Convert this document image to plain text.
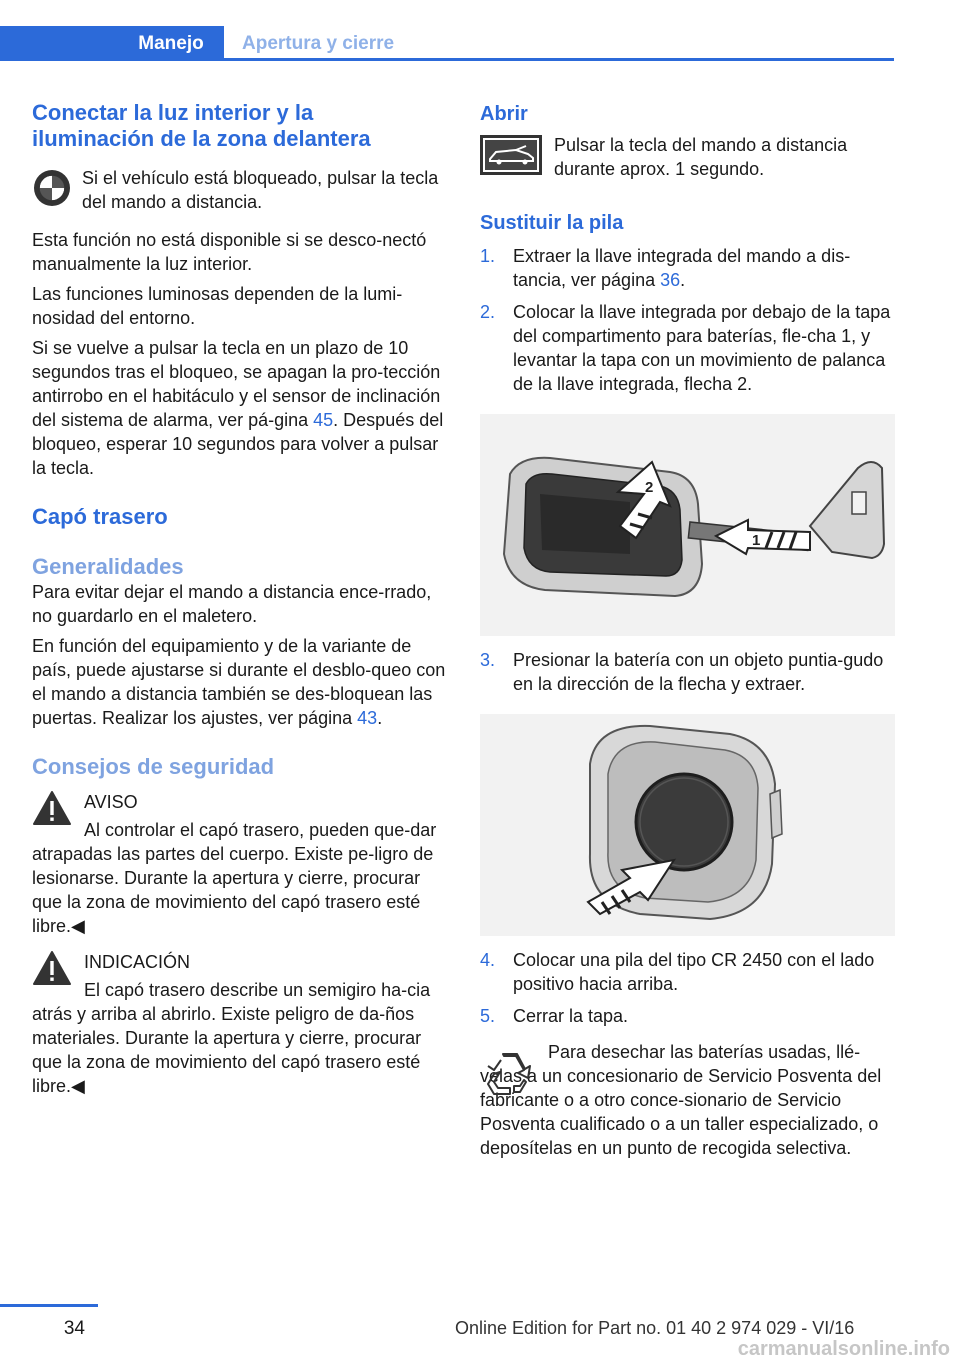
Manejo	Apertura y cierre
Conectar la luz interior y la iluminación de la zona delantera
Si el vehículo está bloqueado, pulsar la tecla del mando a distancia.

Esta función no está disponible si se desco‐nectó manualmente la luz interior.

Las funciones luminosas dependen de la lumi‐nosidad del entorno.

Si se vuelve a pulsar la tecla en un plazo de 10 segundos tras el bloqueo, se apagan la pro‐tección antirrobo en el habitáculo y el sensor de inclinación del sistema de alarma, ver pá‐gina 45. Después del bloqueo, esperar 10 segundos para volver a pulsar la tecla.

Capó trasero
Generalidades

Para evitar dejar el mando a distancia ence‐rrado, no guardarlo en el maletero.

En función del equipamiento y de la variante de país, puede ajustarse si durante el desblo‐queo con el mando a distancia también se des‐bloquean las puertas. Realizar los ajustes, ver página 43.

Consejos de seguridad
AVISO
Al controlar el capó trasero, pueden que‐dar atrapadas las partes del cuerpo. Existe pe‐ligro de lesionarse. Durante la apertura y cierre, procurar que la zona de movimiento del capó trasero esté libre.◀
INDICACIÓN
El capó trasero describe un semigiro ha‐cia atrás y arriba al abrirlo. Existe peligro de da‐ños materiales. Durante la apertura y cierre, procurar que la zona de movimiento del capó trasero esté libre.◀
Abrir
Pulsar la tecla del mando a distancia durante aprox. 1 segundo.
Sustituir la pila
1. Extraer la llave integrada del mando a dis‐tancia, ver página 36.
2. Colocar la llave integrada por debajo de la tapa del compartimento para baterías, fle‐cha 1, y levantar la tapa con un movimiento de palanca de la llave integrada, flecha 2.
1
2
3. Presionar la batería con un objeto puntia‐gudo en la dirección de la flecha y extraer.
4. Colocar una pila del tipo CR 2450 con el lado positivo hacia arriba.
5. Cerrar la tapa.
Para desechar las baterías usadas, llé‐velas a un concesionario de Servicio Posventa del fabricante o a otro conce‐sionario de Servicio Posventa cualificado o a un taller especializado, o deposítelas en un punto de recogida selectiva.
34	Online Edition for Part no. 01 40 2 974 029 - VI/16
carmanualsonline.info
